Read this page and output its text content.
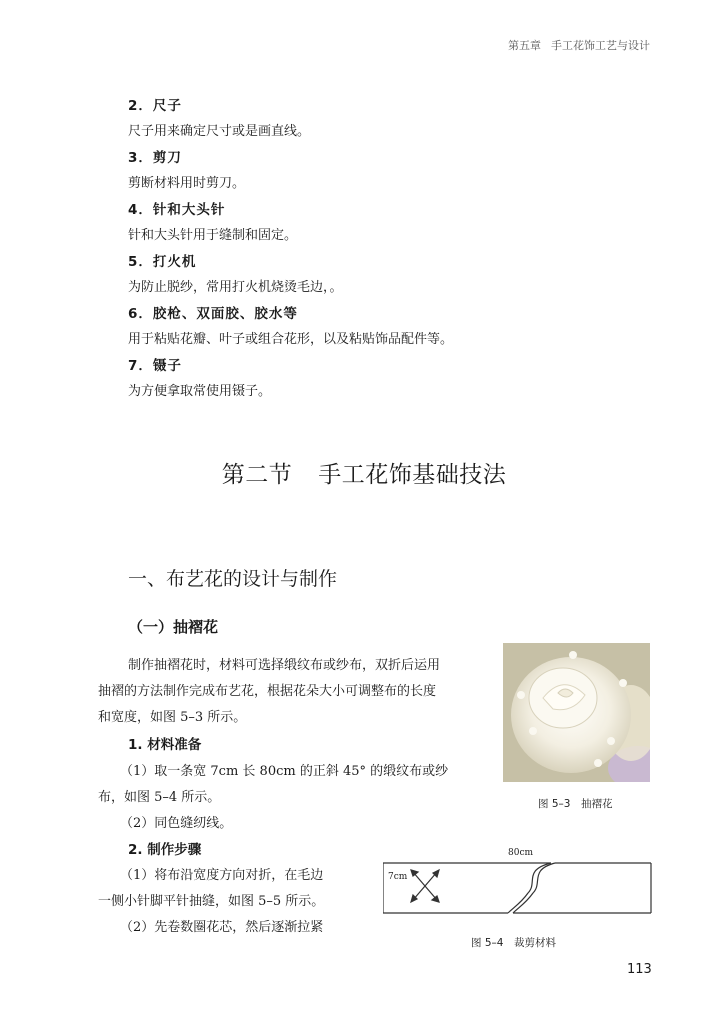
第五章 手工花饰工艺与设计
2．尺子
尺子用来确定尺寸或是画直线。
3．剪刀
剪断材料用时剪刀。
4．针和大头针
针和大头针用于缝制和固定。
5．打火机
为防止脱纱，常用打火机烧烫毛边，。
6．胶枪、双面胶、胶水等
用于粘贴花瓣、叶子或组合花形，以及粘贴饰品配件等。
7．镊子
为方便拿取常使用镊子。
第二节 手工花饰基础技法
一、布艺花的设计与制作
（一）抽褶花
制作抽褶花时，材料可选择缎纹布或纱布，双折后运用
抽褶的方法制作完成布艺花，根据花朵大小可调整布的长度
和宽度，如图 5–3 所示。
1. 材料准备
（1）取一条宽 7cm 长 80cm 的正斜 45° 的缎纹布或纱
布，如图 5–4 所示。
（2）同色缝纫线。
2. 制作步骤
（1）将布沿宽度方向对折，在毛边
一侧小针脚平针抽缝，如图 5–5 所示。
（2）先卷数圈花芯，然后逐渐拉紧
图 5–3　抽褶花
80cm
7cm
图 5–4　裁剪材料
113
